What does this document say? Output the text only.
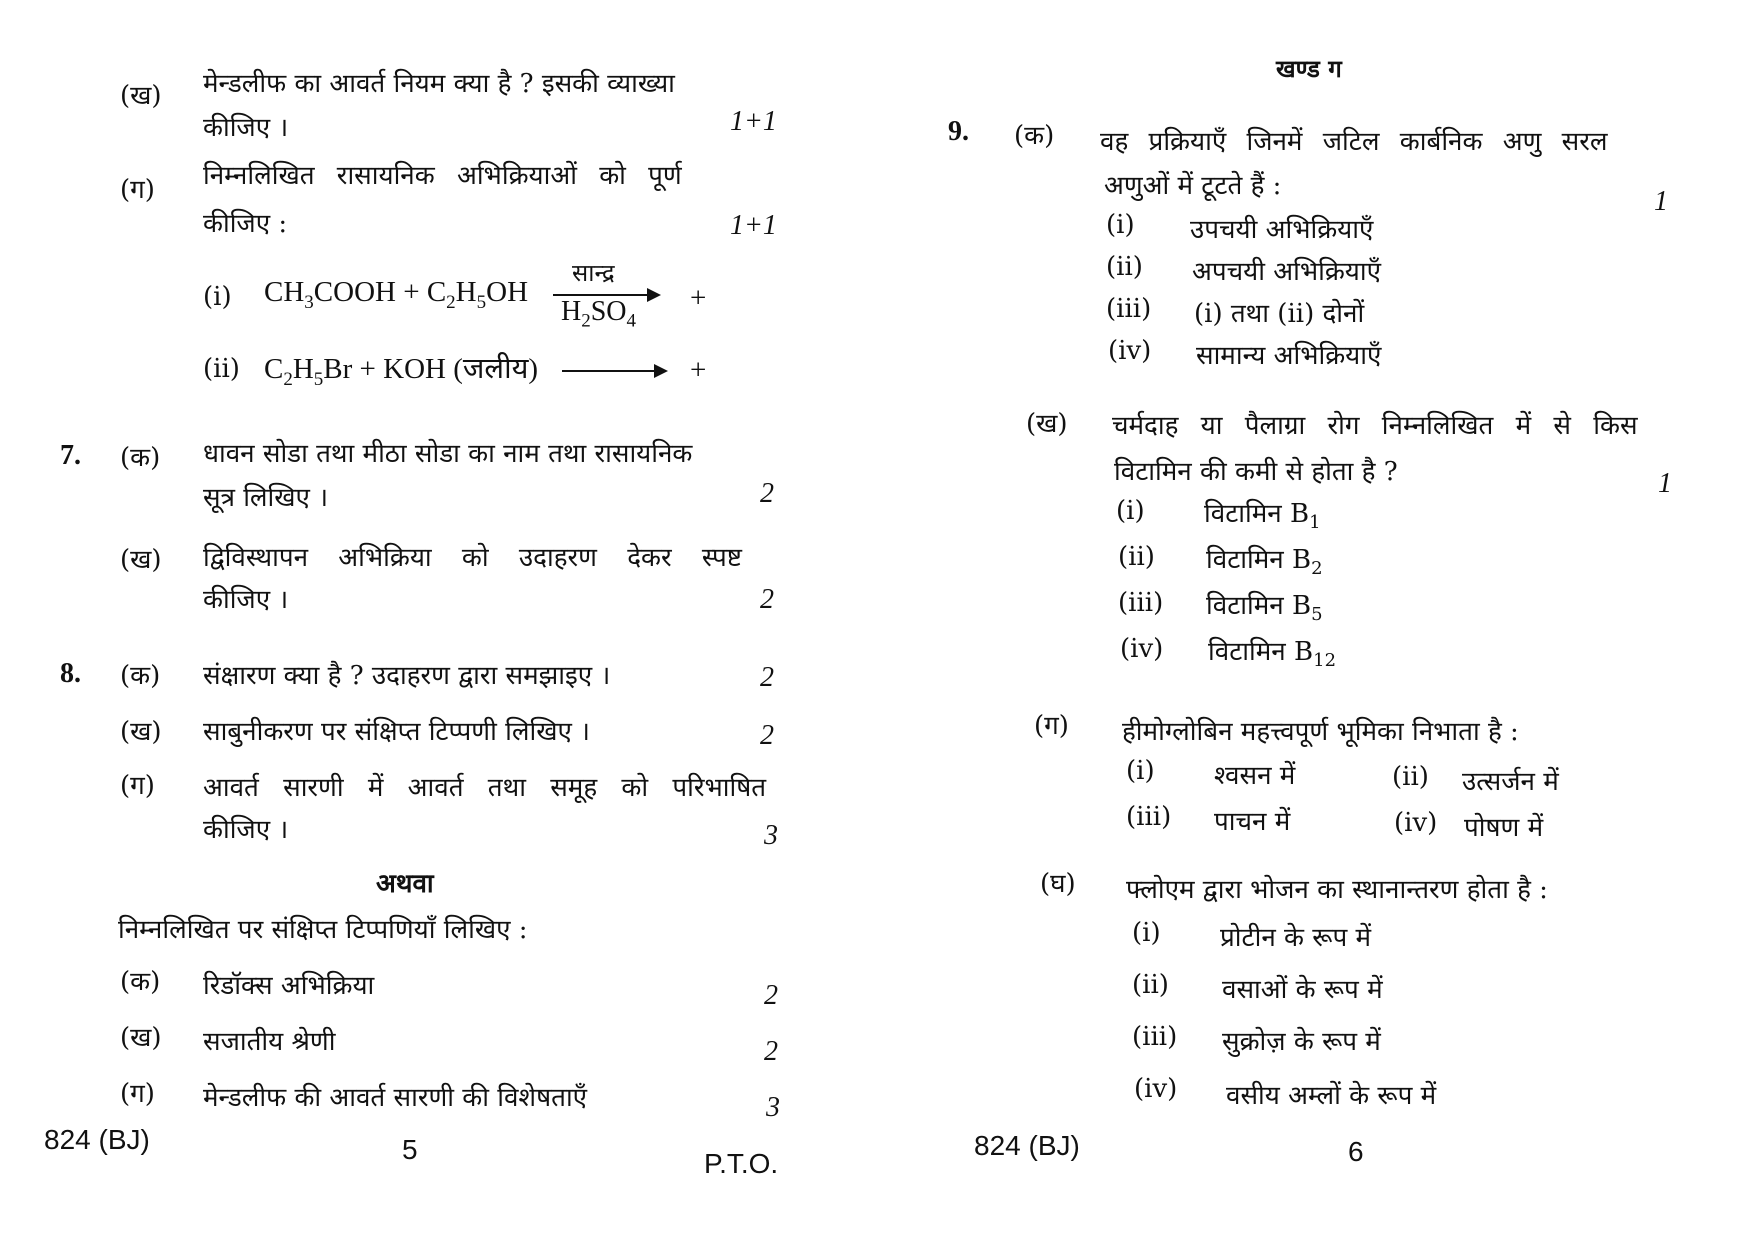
(ख) मेन्डलीफ का आवर्त नियम क्या है ? इसकी व्याख्या
कीजिए ।	1+1
(ग) निम्नलिखित रासायनिक अभिक्रियाओं को पूर्ण
कीजिए :	1+1
(i) $CH_3COOH + C_2H_5OH$
सान्द्र
$H_2SO_4$
+
(ii) $C_2H_5Br$ + KOH (जलीय)	+
7. (क) धावन सोडा तथा मीठा सोडा का नाम तथा रासायनिक
सूत्र लिखिए ।	2
(ख) द्विविस्थापन अभिक्रिया को उदाहरण देकर स्पष्ट
कीजिए ।	2
8. (क) संक्षारण क्या है ? उदाहरण द्वारा समझाइए ।	2
(ख) साबुनीकरण पर संक्षिप्त टिप्पणी लिखिए ।	2
(ग) आवर्त सारणी में आवर्त तथा समूह को परिभाषित
कीजिए ।	3
अथवा
निम्नलिखित पर संक्षिप्त टिप्पणियाँ लिखिए :
(क) रिडॉक्स अभिक्रिया	2
(ख) सजातीय श्रेणी	2
(ग) मेन्डलीफ की आवर्त सारणी की विशेषताएँ	3
824 (BJ)	5	P.T.O.
खण्ड ग
9. (क) वह प्रक्रियाएँ जिनमें जटिल कार्बनिक अणु सरल
अणुओं में टूटते हैं :	1
(i) उपचयी अभिक्रियाएँ
(ii) अपचयी अभिक्रियाएँ
(iii) (i) तथा (ii) दोनों
(iv) सामान्य अभिक्रियाएँ
(ख) चर्मदाह या पैलाग्रा रोग निम्नलिखित में से किस
विटामिन की कमी से होता है ?	1
(i) विटामिन $B_1$
(ii) विटामिन $B_2$
(iii) विटामिन $B_5$
(iv) विटामिन $B_{12}$
(ग) हीमोग्लोबिन महत्त्वपूर्ण भूमिका निभाता है :
(i) श्वसन में	(ii) उत्सर्जन में
(iii) पाचन में	(iv) पोषण में
(घ) फ्लोएम द्वारा भोजन का स्थानान्तरण होता है :
(i) प्रोटीन के रूप में
(ii) वसाओं के रूप में
(iii) सुक्रोज़ के रूप में
(iv) वसीय अम्लों के रूप में
824 (BJ)	6
